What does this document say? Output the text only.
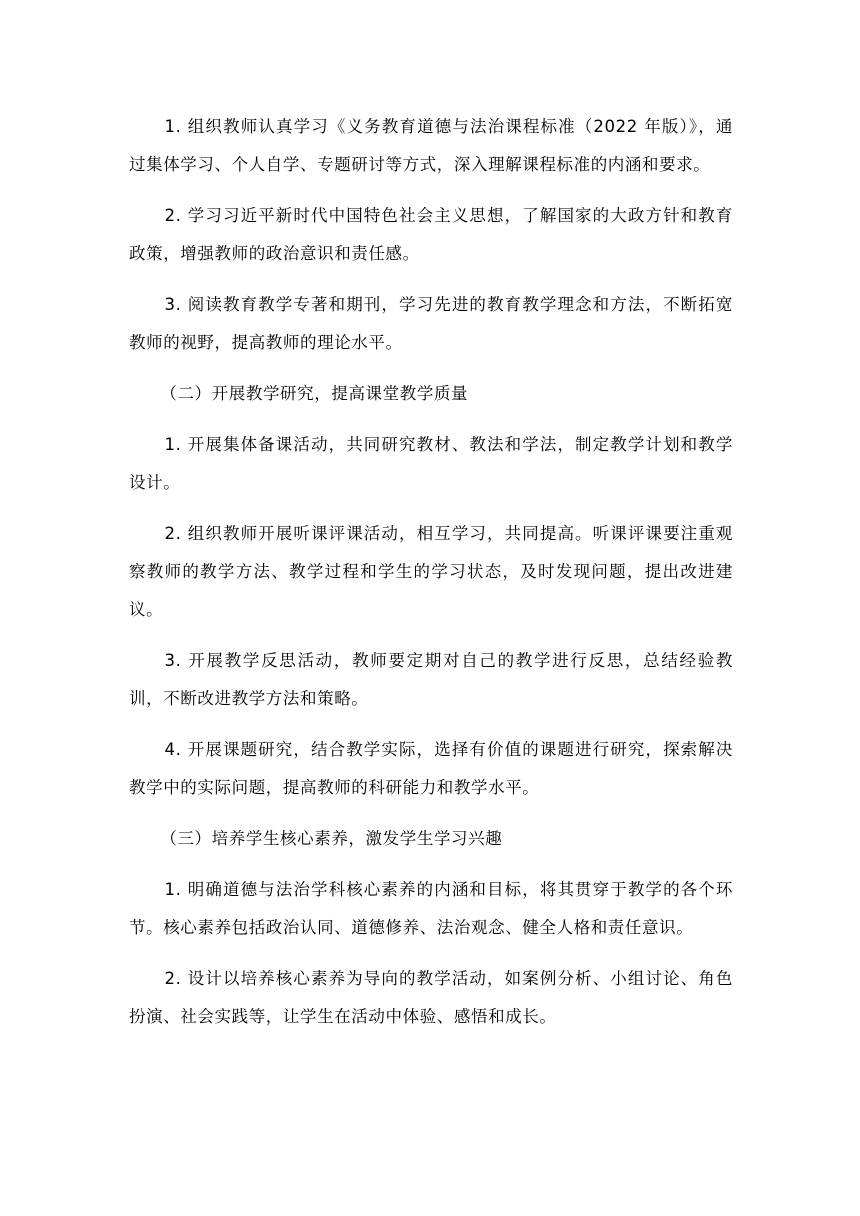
1. 组织教师认真学习《义务教育道德与法治课程标准（2022 年版）》，通过集体学习、个人自学、专题研讨等方式，深入理解课程标准的内涵和要求。

2. 学习习近平新时代中国特色社会主义思想，了解国家的大政方针和教育政策，增强教师的政治意识和责任感。

3. 阅读教育教学专著和期刊，学习先进的教育教学理念和方法，不断拓宽教师的视野，提高教师的理论水平。

（二）开展教学研究，提高课堂教学质量

1. 开展集体备课活动，共同研究教材、教法和学法，制定教学计划和教学设计。

2. 组织教师开展听课评课活动，相互学习，共同提高。听课评课要注重观察教师的教学方法、教学过程和学生的学习状态，及时发现问题，提出改进建议。

3. 开展教学反思活动，教师要定期对自己的教学进行反思，总结经验教训，不断改进教学方法和策略。

4. 开展课题研究，结合教学实际，选择有价值的课题进行研究，探索解决教学中的实际问题，提高教师的科研能力和教学水平。

（三）培养学生核心素养，激发学生学习兴趣

1. 明确道德与法治学科核心素养的内涵和目标，将其贯穿于教学的各个环节。核心素养包括政治认同、道德修养、法治观念、健全人格和责任意识。

2. 设计以培养核心素养为导向的教学活动，如案例分析、小组讨论、角色扮演、社会实践等，让学生在活动中体验、感悟和成长。
